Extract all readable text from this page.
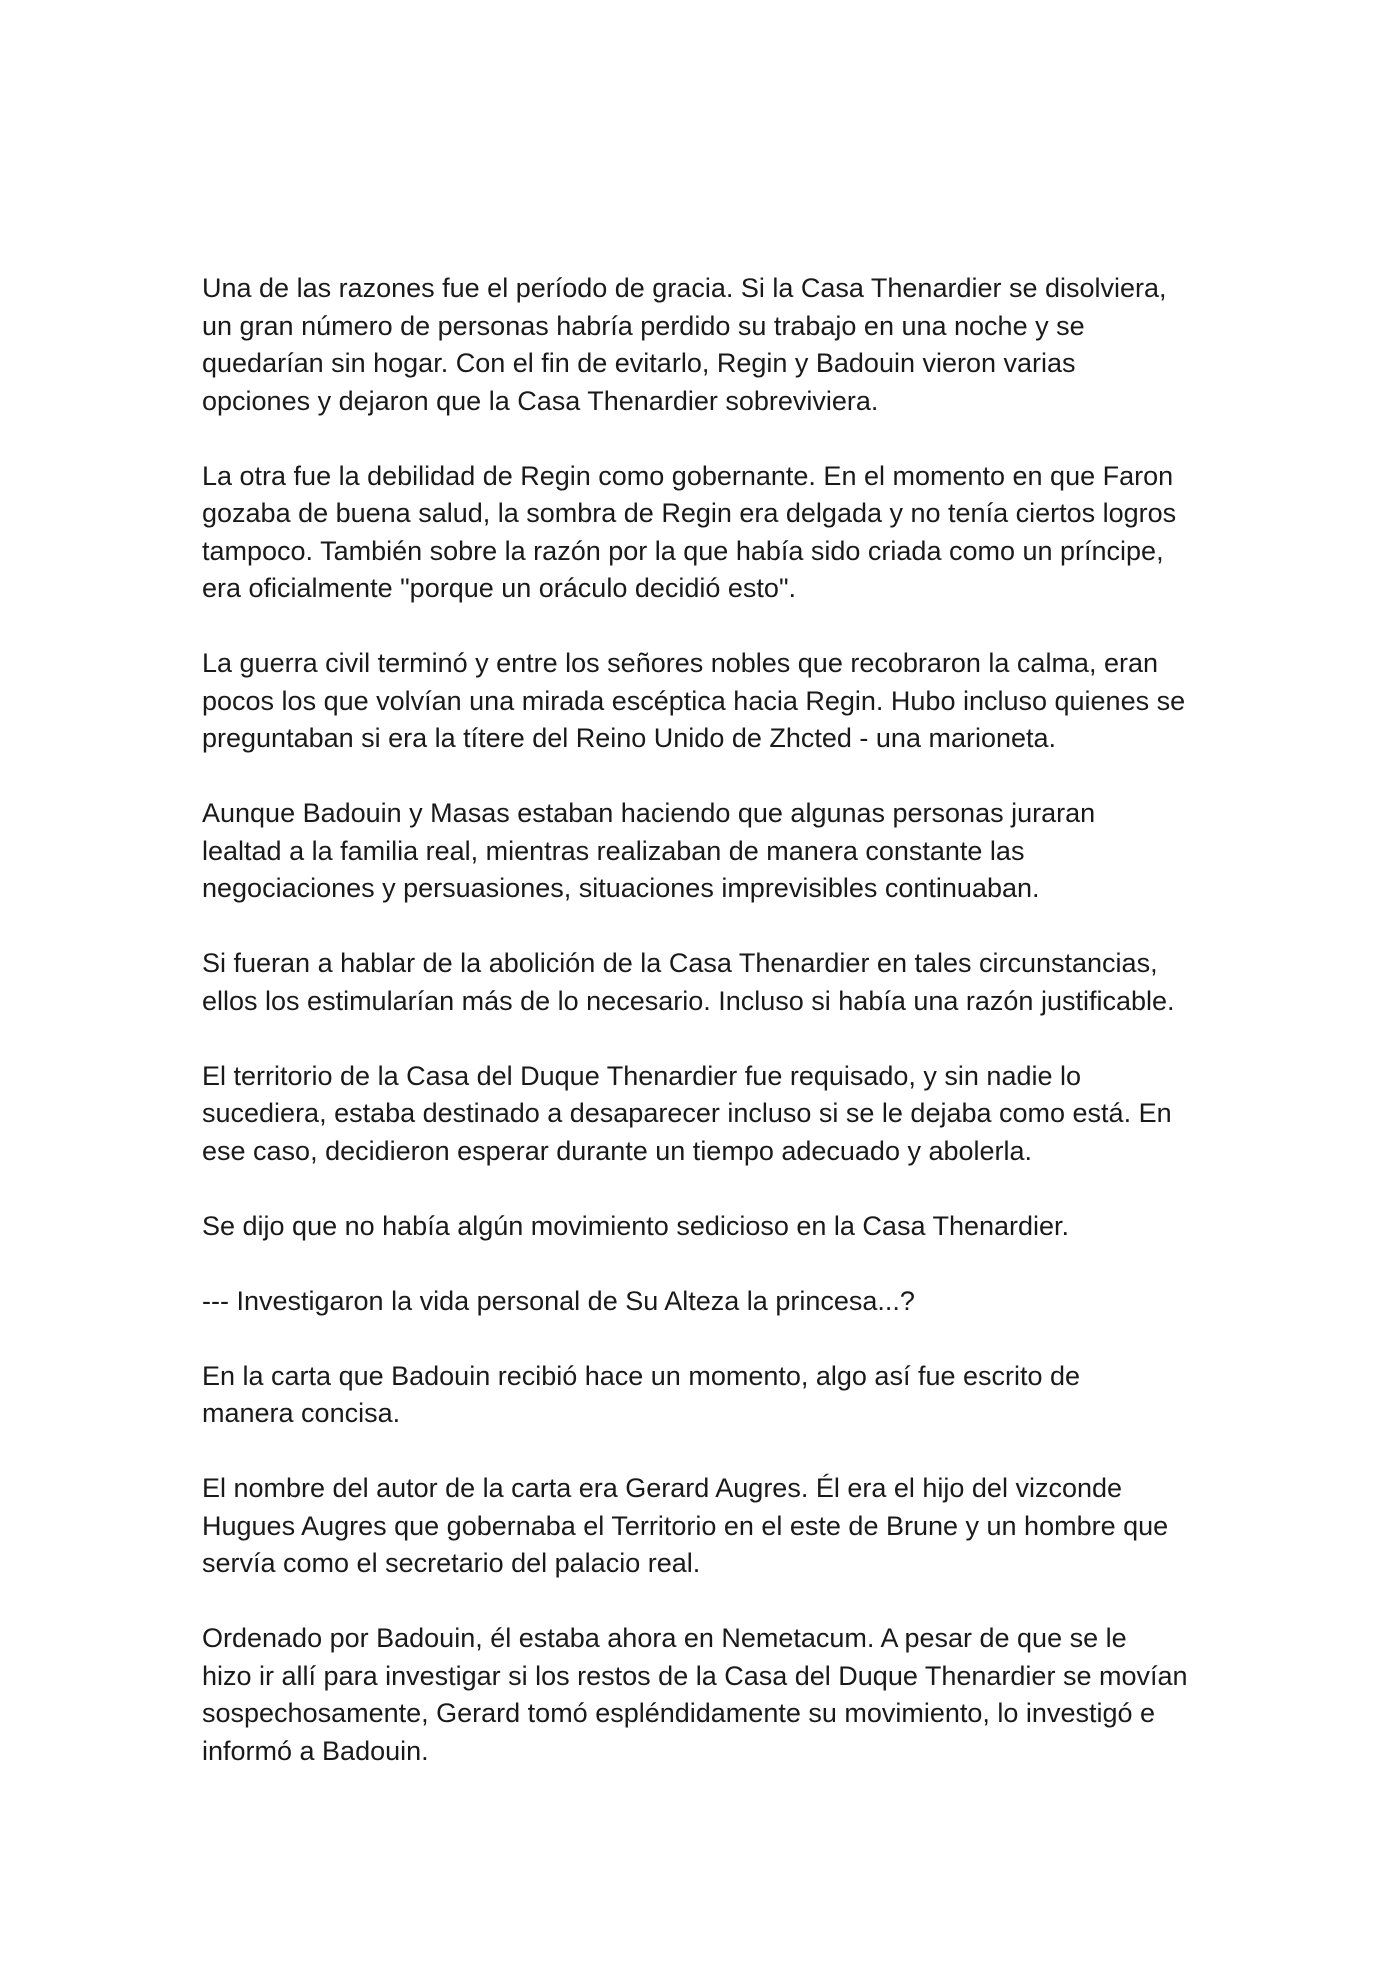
Una de las razones fue el período de gracia. Si la Casa Thenardier se disolviera,
un gran número de personas habría perdido su trabajo en una noche y se
quedarían sin hogar. Con el fin de evitarlo, Regin y Badouin vieron varias
opciones y dejaron que la Casa Thenardier sobreviviera.

La otra fue la debilidad de Regin como gobernante. En el momento en que Faron
gozaba de buena salud, la sombra de Regin era delgada y no tenía ciertos logros
tampoco. También sobre la razón por la que había sido criada como un príncipe,
era oficialmente "porque un oráculo decidió esto".

La guerra civil terminó y entre los señores nobles que recobraron la calma, eran
pocos los que volvían una mirada escéptica hacia Regin. Hubo incluso quienes se
preguntaban si era la títere del Reino Unido de Zhcted - una marioneta.

Aunque Badouin y Masas estaban haciendo que algunas personas juraran
lealtad a la familia real, mientras realizaban de manera constante las
negociaciones y persuasiones, situaciones imprevisibles continuaban.

Si fueran a hablar de la abolición de la Casa Thenardier en tales circunstancias,
ellos los estimularían más de lo necesario. Incluso si había una razón justificable.

El territorio de la Casa del Duque Thenardier fue requisado, y sin nadie lo
sucediera, estaba destinado a desaparecer incluso si se le dejaba como está. En
ese caso, decidieron esperar durante un tiempo adecuado y abolerla.

Se dijo que no había algún movimiento sedicioso en la Casa Thenardier.

--- Investigaron la vida personal de Su Alteza la princesa...?

En la carta que Badouin recibió hace un momento, algo así fue escrito de
manera concisa.

El nombre del autor de la carta era Gerard Augres. Él era el hijo del vizconde
Hugues Augres que gobernaba el Territorio en el este de Brune y un hombre que
servía como el secretario del palacio real.

Ordenado por Badouin, él estaba ahora en Nemetacum. A pesar de que se le
hizo ir allí para investigar si los restos de la Casa del Duque Thenardier se movían
sospechosamente, Gerard tomó espléndidamente su movimiento, lo investigó e
informó a Badouin.
